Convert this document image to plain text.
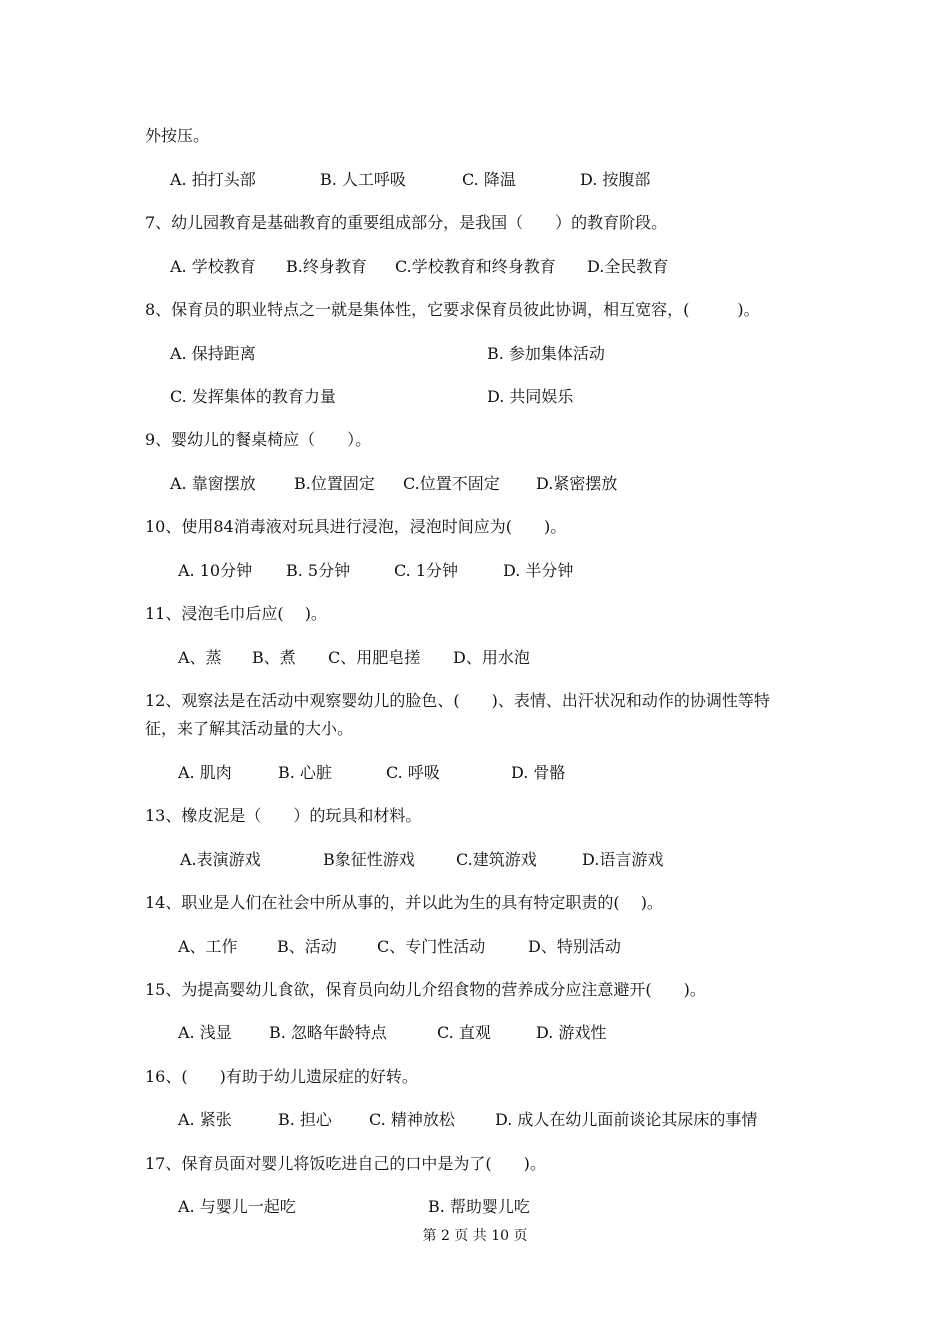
外按压。
A. 拍打头部	B. 人工呼吸	C. 降温	D. 按腹部
7、幼儿园教育是基础教育的重要组成部分，是我国（　　）的教育阶段。
A. 学校教育 B.终身教育 C.学校教育和终身教育 D.全民教育
8、保育员的职业特点之一就是集体性，它要求保育员彼此协调，相互宽容，(　　　)。
A. 保持距离	B. 参加集体活动
C. 发挥集体的教育力量	D. 共同娱乐
9、婴幼儿的餐桌椅应（　　）。
A. 靠窗摆放 B.位置固定 C.位置不固定 D.紧密摆放
10、使用84消毒液对玩具进行浸泡，浸泡时间应为(　　)。
A. 10分钟 B. 5分钟	C. 1分钟	D. 半分钟
11、浸泡毛巾后应(　 )。
A、蒸 B、煮 C、用肥皂搓 D、用水泡
12、观察法是在活动中观察婴幼儿的脸色、(　　)、表情、出汗状况和动作的协调性等特
征，来了解其活动量的大小。
A. 肌肉	B. 心脏	C. 呼吸	D. 骨骼
13、橡皮泥是（　　）的玩具和材料。
A.表演游戏	B象征性游戏	C.建筑游戏	D.语言游戏
14、职业是人们在社会中所从事的，并以此为生的具有特定职责的(　 )。
A、工作 B、活动	C、专门性活动	D、特别活动
15、为提高婴幼儿食欲，保育员向幼儿介绍食物的营养成分应注意避开(　　)。
A. 浅显 B. 忽略年龄特点	C. 直观	D. 游戏性
16、(　　)有助于幼儿遗尿症的好转。
A. 紧张	B. 担心 C. 精神放松	D. 成人在幼儿面前谈论其尿床的事情
17、保育员面对婴儿将饭吃进自己的口中是为了(　　)。
A. 与婴儿一起吃	B. 帮助婴儿吃
第 2 页 共 10 页
